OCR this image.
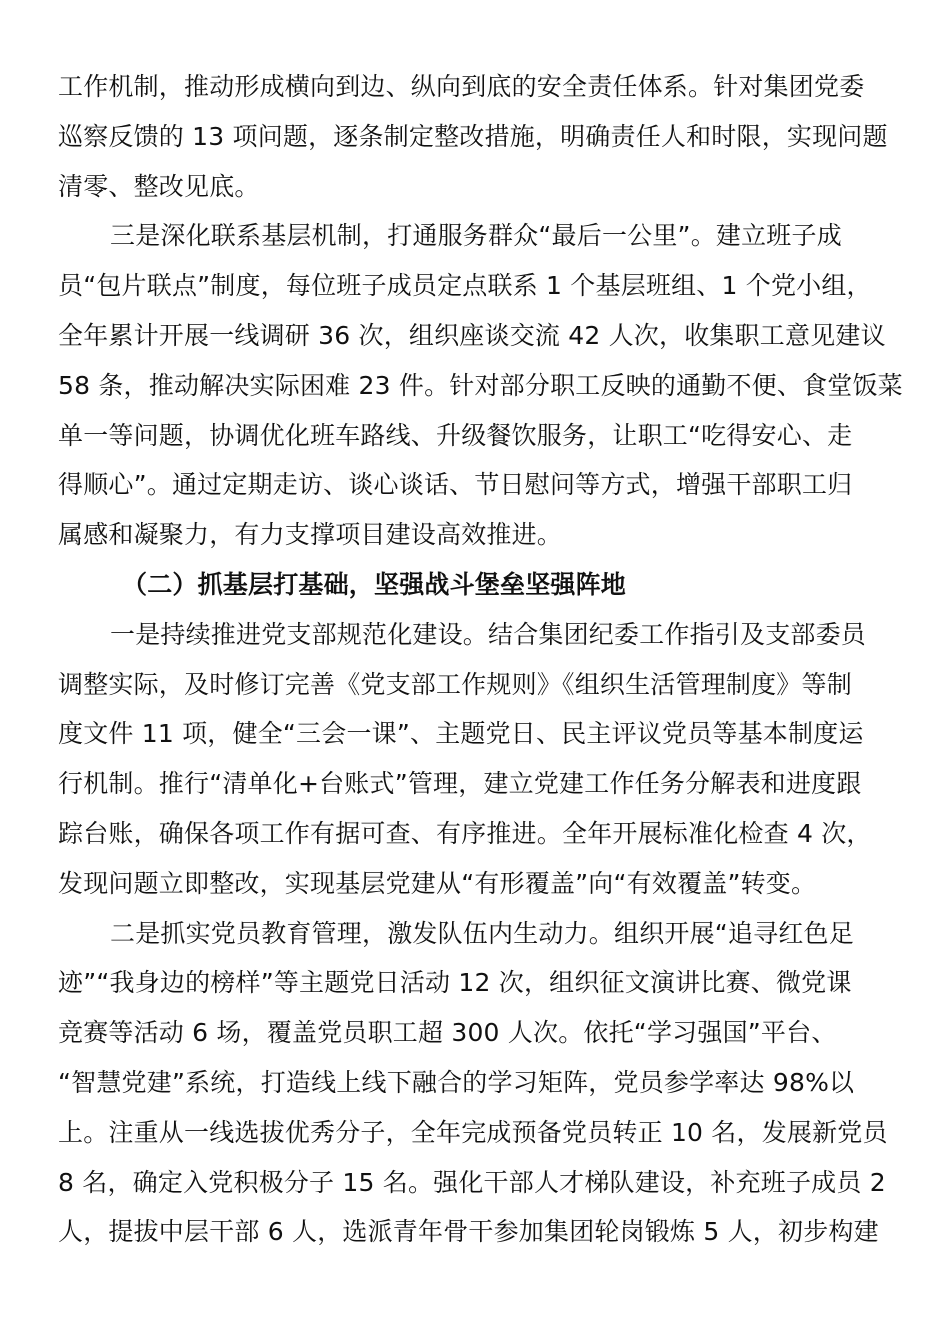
工作机制，推动形成横向到边、纵向到底的安全责任体系。针对集团党委
巡察反馈的 13 项问题，逐条制定整改措施，明确责任人和时限，实现问题
清零、整改见底。
三是深化联系基层机制，打通服务群众“最后一公里”。建立班子成
员“包片联点”制度，每位班子成员定点联系 1 个基层班组、1 个党小组，
全年累计开展一线调研 36 次，组织座谈交流 42 人次，收集职工意见建议
58 条，推动解决实际困难 23 件。针对部分职工反映的通勤不便、食堂饭菜
单一等问题，协调优化班车路线、升级餐饮服务，让职工“吃得安心、走
得顺心”。通过定期走访、谈心谈话、节日慰问等方式，增强干部职工归
属感和凝聚力，有力支撑项目建设高效推进。
（二）抓基层打基础，坚强战斗堡垒坚强阵地
一是持续推进党支部规范化建设。结合集团纪委工作指引及支部委员
调整实际，及时修订完善《党支部工作规则》《组织生活管理制度》等制
度文件 11 项，健全“三会一课”、主题党日、民主评议党员等基本制度运
行机制。推行“清单化+台账式”管理，建立党建工作任务分解表和进度跟
踪台账，确保各项工作有据可查、有序推进。全年开展标准化检查 4 次，
发现问题立即整改，实现基层党建从“有形覆盖”向“有效覆盖”转变。
二是抓实党员教育管理，激发队伍内生动力。组织开展“追寻红色足
迹”“我身边的榜样”等主题党日活动 12 次，组织征文演讲比赛、微党课
竞赛等活动 6 场，覆盖党员职工超 300 人次。依托“学习强国”平台、
“智慧党建”系统，打造线上线下融合的学习矩阵，党员参学率达 98%以
上。注重从一线选拔优秀分子，全年完成预备党员转正 10 名，发展新党员
8 名，确定入党积极分子 15 名。强化干部人才梯队建设，补充班子成员 2
人，提拔中层干部 6 人，选派青年骨干参加集团轮岗锻炼 5 人，初步构建
